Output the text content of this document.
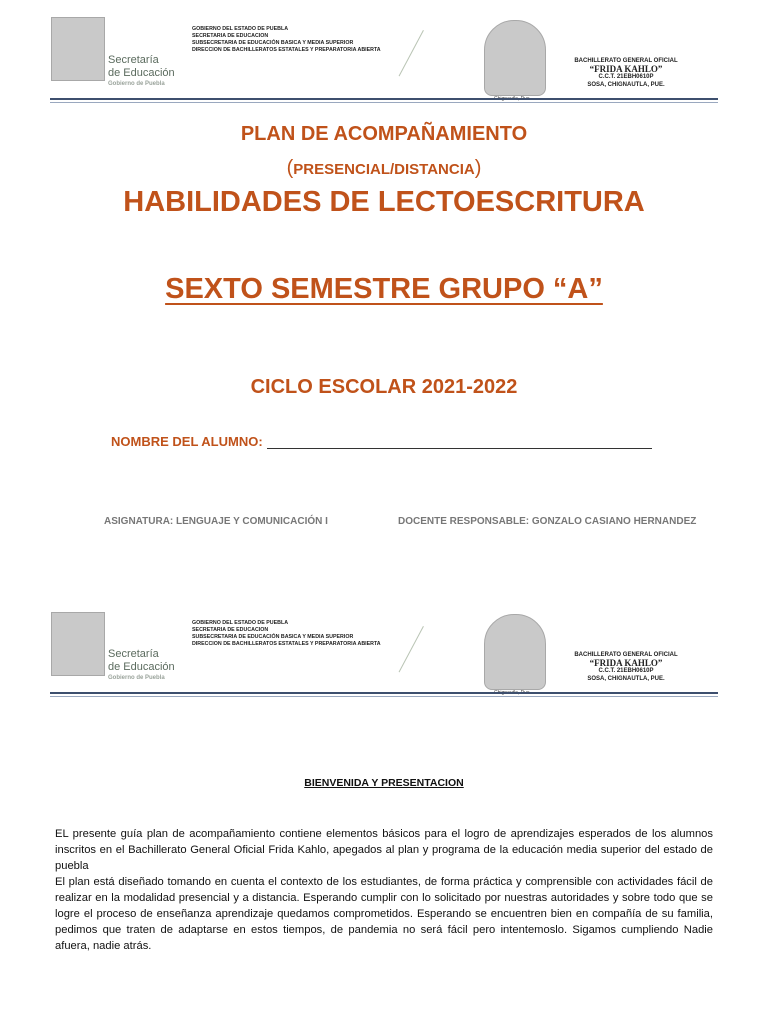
Secretaría
de Educación
Gobierno de Puebla
GOBIERNO DEL ESTADO DE PUEBLA
SECRETARIA DE EDUCACION
SUBSECRETARIA DE EDUCACIÓN BASICA Y MEDIA SUPERIOR
DIRECCION DE BACHILLERATOS ESTATALES Y PREPARATORIA ABIERTA
BACHILLERATO GENERAL OFICIAL
“FRIDA KAHLO”
C.C.T. 21EBH0610P
SOSA, CHIGNAUTLA, PUE.
PLAN DE ACOMPAÑAMIENTO
(PRESENCIAL/DISTANCIA)
HABILIDADES DE LECTOESCRITURA
SEXTO SEMESTRE GRUPO “A”
CICLO ESCOLAR 2021-2022
NOMBRE DEL ALUMNO:
ASIGNATURA: LENGUAJE Y COMUNICACIÓN I	DOCENTE RESPONSABLE: GONZALO CASIANO HERNANDEZ
Secretaría
de Educación
Gobierno de Puebla
GOBIERNO DEL ESTADO DE PUEBLA
SECRETARIA DE EDUCACION
SUBSECRETARIA DE EDUCACIÓN BASICA Y MEDIA SUPERIOR
DIRECCION DE BACHILLERATOS ESTATALES Y PREPARATORIA ABIERTA
BACHILLERATO GENERAL OFICIAL
“FRIDA KAHLO”
C.C.T. 21EBH0610P
SOSA, CHIGNAUTLA, PUE.
BIENVENIDA Y PRESENTACION

EL presente guía plan de acompañamiento contiene elementos básicos para el logro de aprendizajes esperados de los alumnos inscritos en el Bachillerato General Oficial Frida Kahlo, apegados al plan y programa de la educación media superior del estado de puebla

El plan está diseñado tomando en cuenta el contexto de los estudiantes, de forma práctica y comprensible con actividades fácil de realizar en la modalidad presencial y a distancia. Esperando cumplir con lo solicitado por nuestras autoridades y sobre todo que se logre el proceso de enseñanza aprendizaje quedamos comprometidos. Esperando se encuentren bien en compañía de su familia, pedimos que traten de adaptarse en estos tiempos, de pandemia no será fácil pero intentemoslo. Sigamos cumpliendo Nadie afuera, nadie atrás.
